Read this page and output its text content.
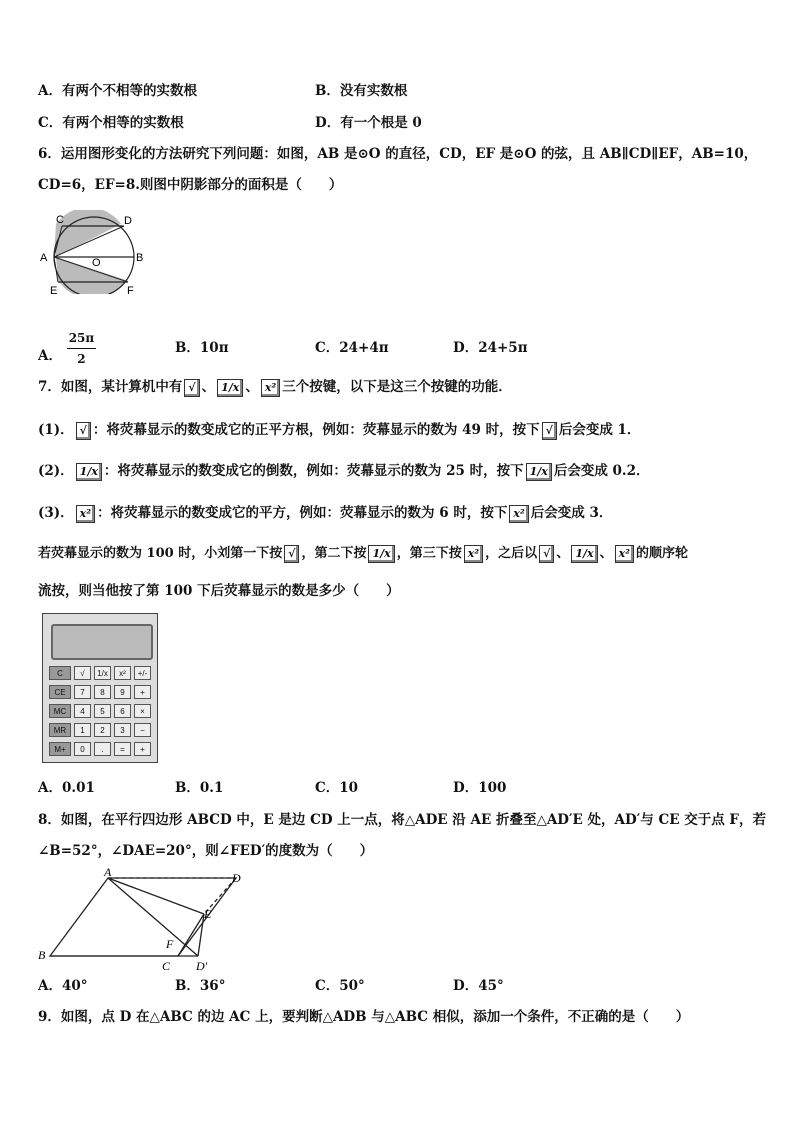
A．有两个不相等的实数根	B．没有实数根
C．有两个相等的实数根	D．有一个根是 0
6．运用图形变化的方法研究下列问题：如图，AB 是⊙O 的直径，CD，EF 是⊙O 的弦，且 AB∥CD∥EF，AB=10，
CD=6，EF=8.则图中阴影部分的面积是（　　）
C	D
A	B
O
E	F
A． $\frac{25\pi}{2}$	B．10π	C．24+4π	D．24+5π
7．如图，某计算机中有 √ 、 1/x 、 x² 三个按键，以下是这三个按键的功能．
(1)． √ ：将荧幕显示的数变成它的正平方根，例如：荧幕显示的数为 49 时，按下 √ 后会变成 1．
(2)． 1/x ：将荧幕显示的数变成它的倒数，例如：荧幕显示的数为 25 时，按下 1/x 后会变成 0.2．
(3)． x² ：将荧幕显示的数变成它的平方，例如：荧幕显示的数为 6 时，按下 x² 后会变成 3．
若荧幕显示的数为 100 时，小刘第一下按 √ ，第二下按 1/x ，第三下按 x² ，之后以 √ 、 1/x 、 x² 的顺序轮
流按，则当他按了第 100 下后荧幕显示的数是多少（　　）
C	√	1/x	x²	+/-
CE	7	8	9	+
MC	4	5	6	×
MR	1	2	3	−
M+	0	.	=	+
A．0.01	B．0.1	C．10	D．100
8．如图，在平行四边形 ABCD 中，E 是边 CD 上一点，将△ADE 沿 AE 折叠至△AD′E 处，AD′与 CE 交于点 F，若
∠B=52°，∠DAE=20°，则∠FED′的度数为（　　）
A	D
E
F
B
C D′
A．40°	B．36°	C．50°	D．45°
9．如图，点 D 在△ABC 的边 AC 上，要判断△ADB 与△ABC 相似，添加一个条件，不正确的是（　　）
